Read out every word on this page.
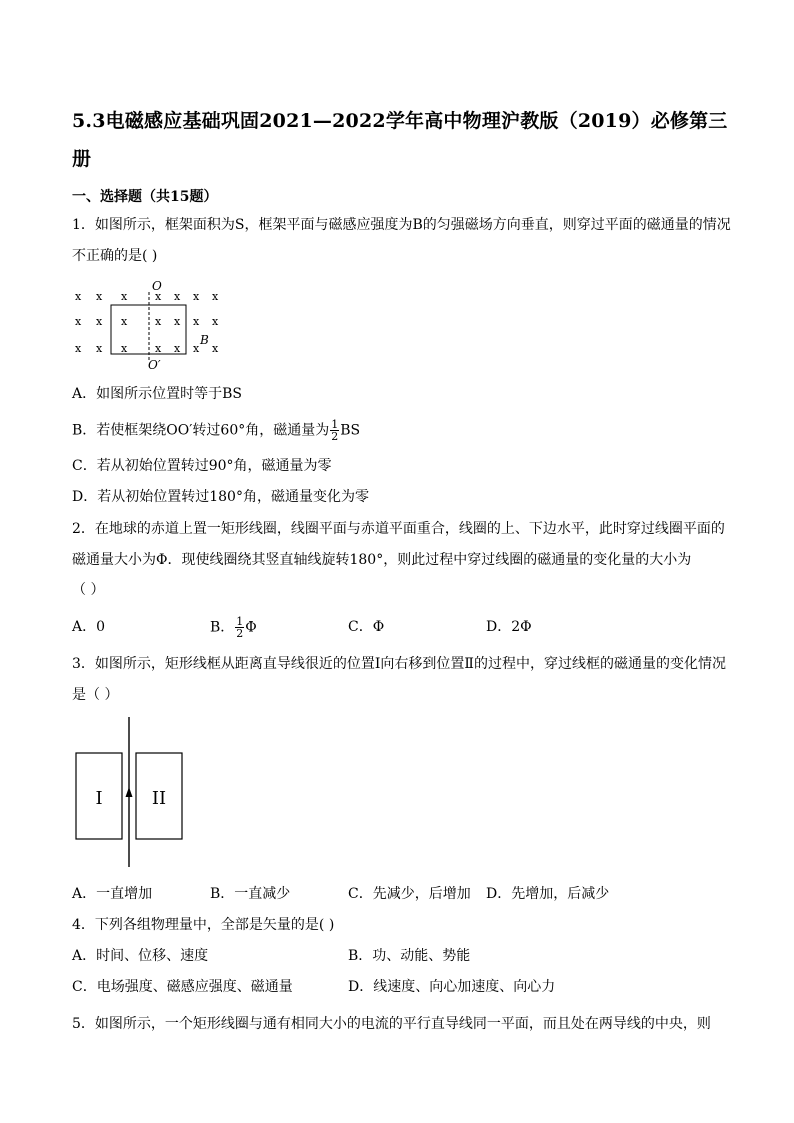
5.3电磁感应基础巩固2021—2022学年高中物理沪教版（2019）必修第三册
一、选择题（共15题）
1．如图所示，框架面积为S，框架平面与磁感应强度为B的匀强磁场方向垂直，则穿过平面的磁通量的情况不正确的是( )
x x x	x x x x
x x x	x x x x
x x x	x x x x
O
O′
B
A．如图所示位置时等于BS
B．若使框架绕OO′转过60°角，磁通量为 $\frac{1}{2}$ BS
C．若从初始位置转过90°角，磁通量为零
D．若从初始位置转过180°角，磁通量变化为零
2．在地球的赤道上置一矩形线圈，线圈平面与赤道平面重合，线圈的上、下边水平，此时穿过线圈平面的磁通量大小为Φ．现使线圈绕其竖直轴线旋转180°，则此过程中穿过线圈的磁通量的变化量的大小为
（ ）
A．0	B． $\frac{1}{2}$ Φ	C．Φ	D．2Φ
3．如图所示，矩形线框从距离直导线很近的位置Ⅰ向右移到位置Ⅱ的过程中，穿过线框的磁通量的变化情况是（ ）
I	II
A．一直增加	B．一直减少	C．先减少，后增加 D．先增加，后减少
4．下列各组物理量中，全部是矢量的是( )
A．时间、位移、速度	B．功、动能、势能
C．电场强度、磁感应强度、磁通量	D．线速度、向心加速度、向心力
5．如图所示，一个矩形线圈与通有相同大小的电流的平行直导线同一平面，而且处在两导线的中央，则
